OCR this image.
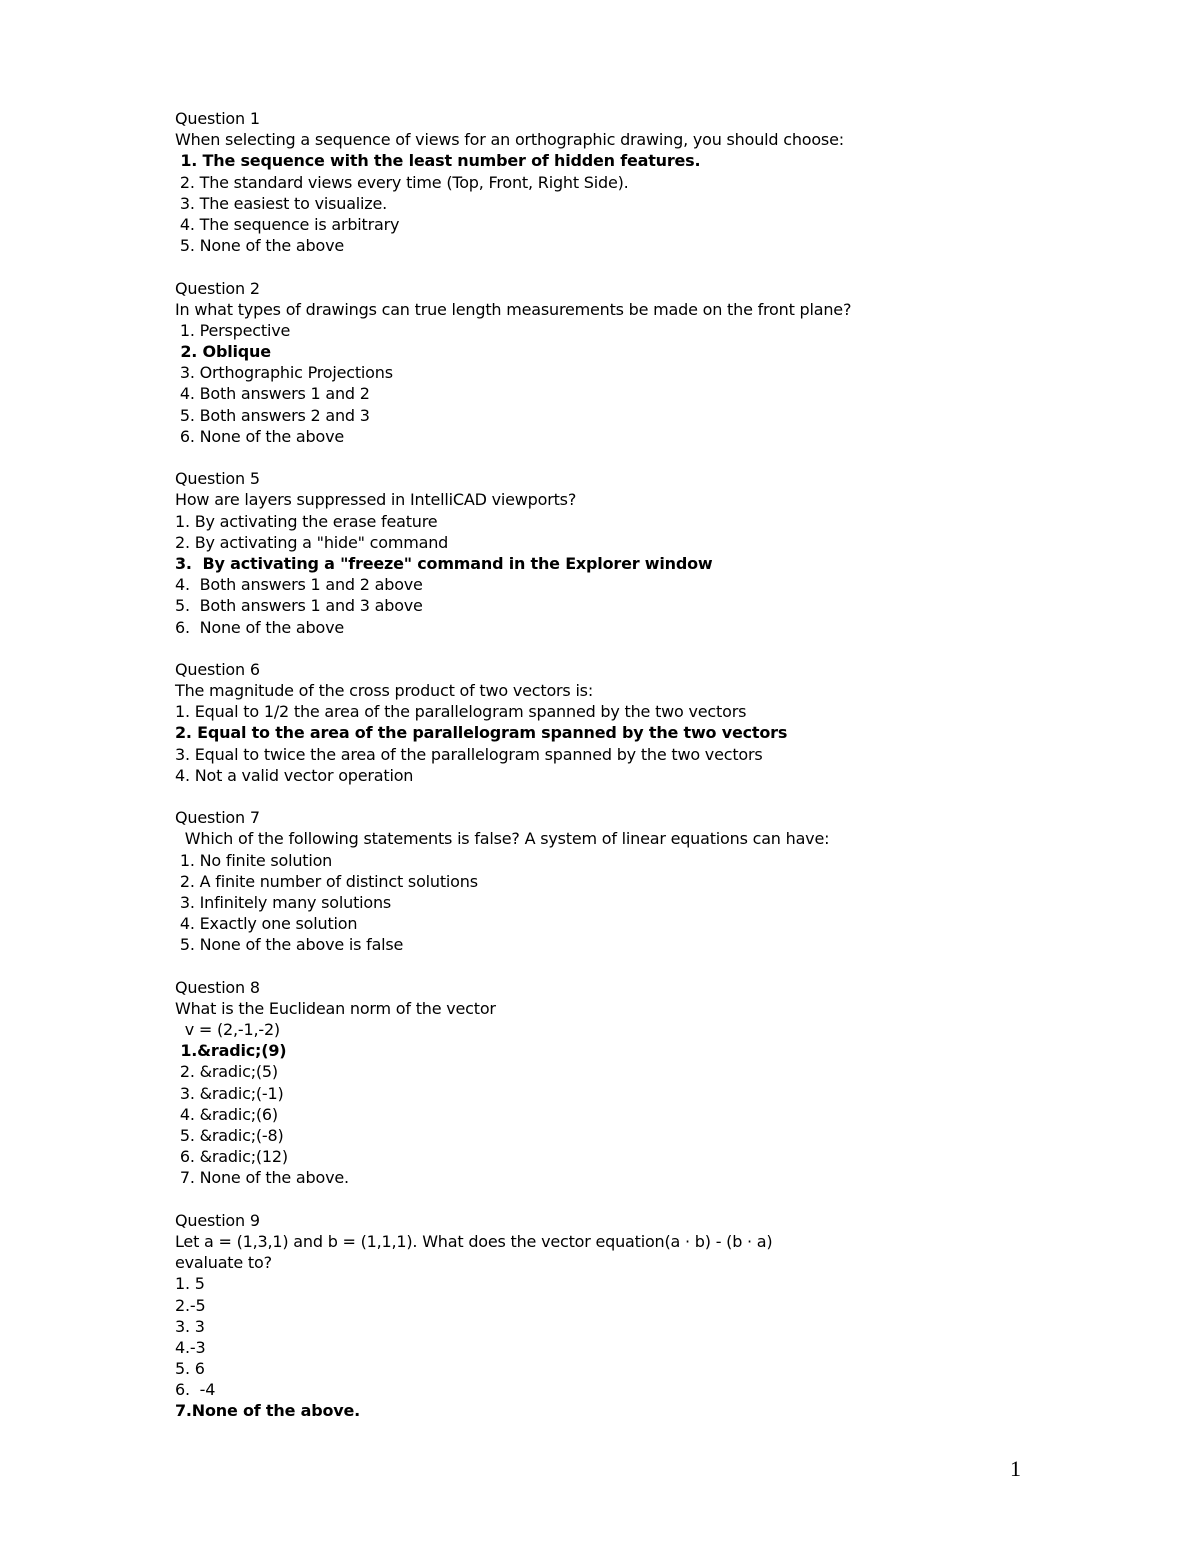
Question 1
When selecting a sequence of views for an orthographic drawing, you should choose:
1. The sequence with the least number of hidden features.
2. The standard views every time (Top, Front, Right Side).
3. The easiest to visualize.
4. The sequence is arbitrary
5. None of the above
Question 2
In what types of drawings can true length measurements be made on the front plane?
1. Perspective
2. Oblique
3. Orthographic Projections
4. Both answers 1 and 2
5. Both answers 2 and 3
6. None of the above
Question 5
How are layers suppressed in IntelliCAD viewports?
1. By activating the erase feature
2. By activating a "hide" command
3.  By activating a "freeze" command in the Explorer window
4.  Both answers 1 and 2 above
5.  Both answers 1 and 3 above
6.  None of the above
Question 6
The magnitude of the cross product of two vectors is:
1. Equal to 1/2 the area of the parallelogram spanned by the two vectors
2. Equal to the area of the parallelogram spanned by the two vectors
3. Equal to twice the area of the parallelogram spanned by the two vectors
4. Not a valid vector operation
Question 7
Which of the following statements is false? A system of linear equations can have:
1. No finite solution
2. A finite number of distinct solutions
3. Infinitely many solutions
4. Exactly one solution
5. None of the above is false
Question 8
What is the Euclidean norm of the vector
v = (2,-1,-2)
1.&radic;(9)
2. &radic;(5)
3. &radic;(-1)
4. &radic;(6)
5. &radic;(-8)
6. &radic;(12)
7. None of the above.
Question 9
Let a = (1,3,1) and b = (1,1,1). What does the vector equation(a · b) - (b · a)
evaluate to?
1. 5
2.-5
3. 3
4.-3
5. 6
6.  -4
7.None of the above.
1
